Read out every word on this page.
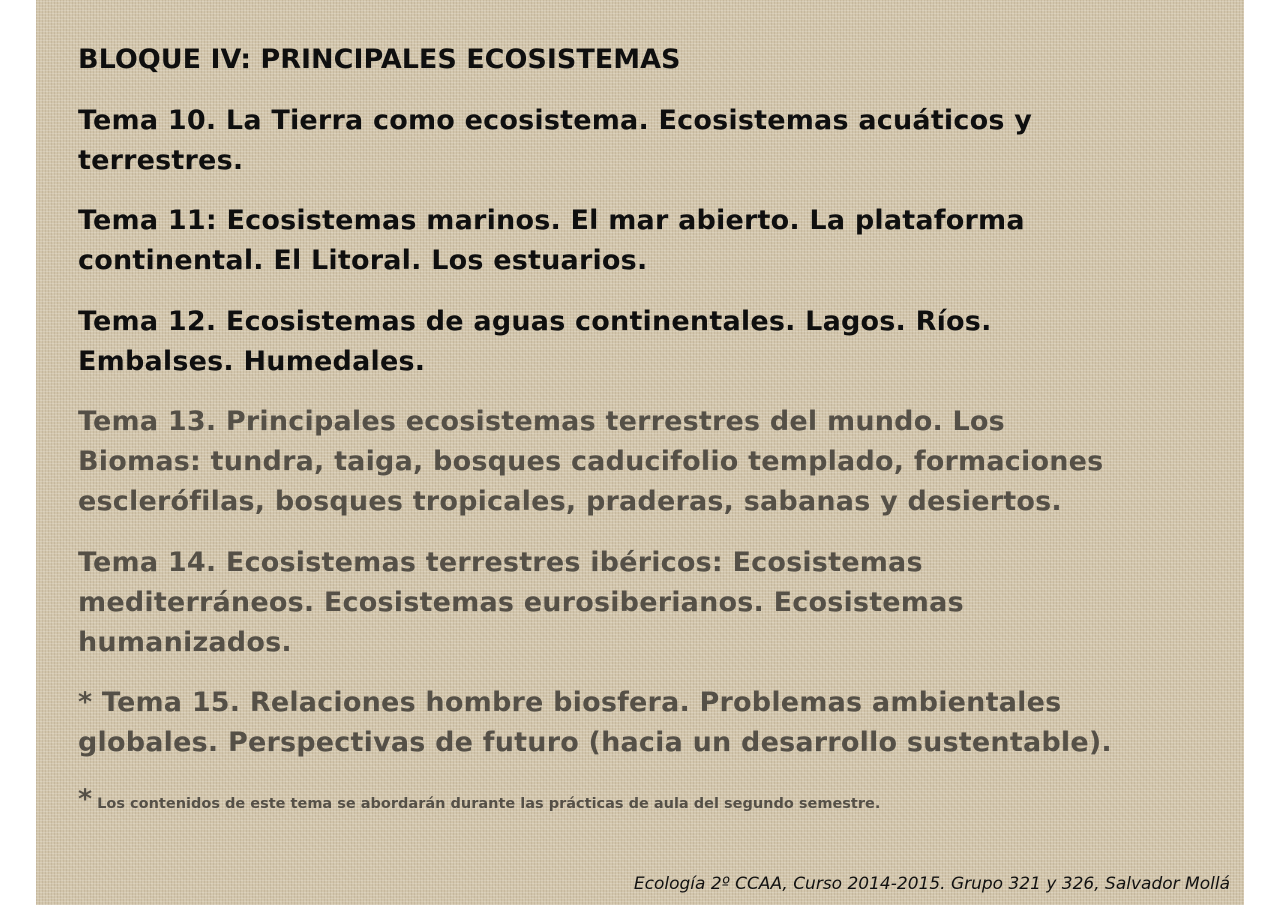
BLOQUE IV: PRINCIPALES ECOSISTEMAS
Tema 10. La Tierra como ecosistema. Ecosistemas acuáticos y
terrestres.
Tema 11: Ecosistemas marinos. El mar abierto. La plataforma
continental. El Litoral. Los estuarios.
Tema 12. Ecosistemas de aguas continentales. Lagos. Ríos.
Embalses. Humedales.
Tema 13. Principales ecosistemas terrestres del mundo. Los
Biomas: tundra, taiga, bosques caducifolio templado, formaciones
esclerófilas, bosques tropicales, praderas, sabanas y desiertos.
Tema 14. Ecosistemas terrestres ibéricos: Ecosistemas
mediterráneos. Ecosistemas eurosiberianos. Ecosistemas
humanizados.
* Tema 15. Relaciones hombre biosfera. Problemas ambientales
globales. Perspectivas de futuro (hacia un desarrollo sustentable).
* Los contenidos de este tema se abordarán durante las prácticas de aula del segundo semestre.
Ecología 2º CCAA, Curso 2014-2015. Grupo 321 y 326, Salvador Mollá
